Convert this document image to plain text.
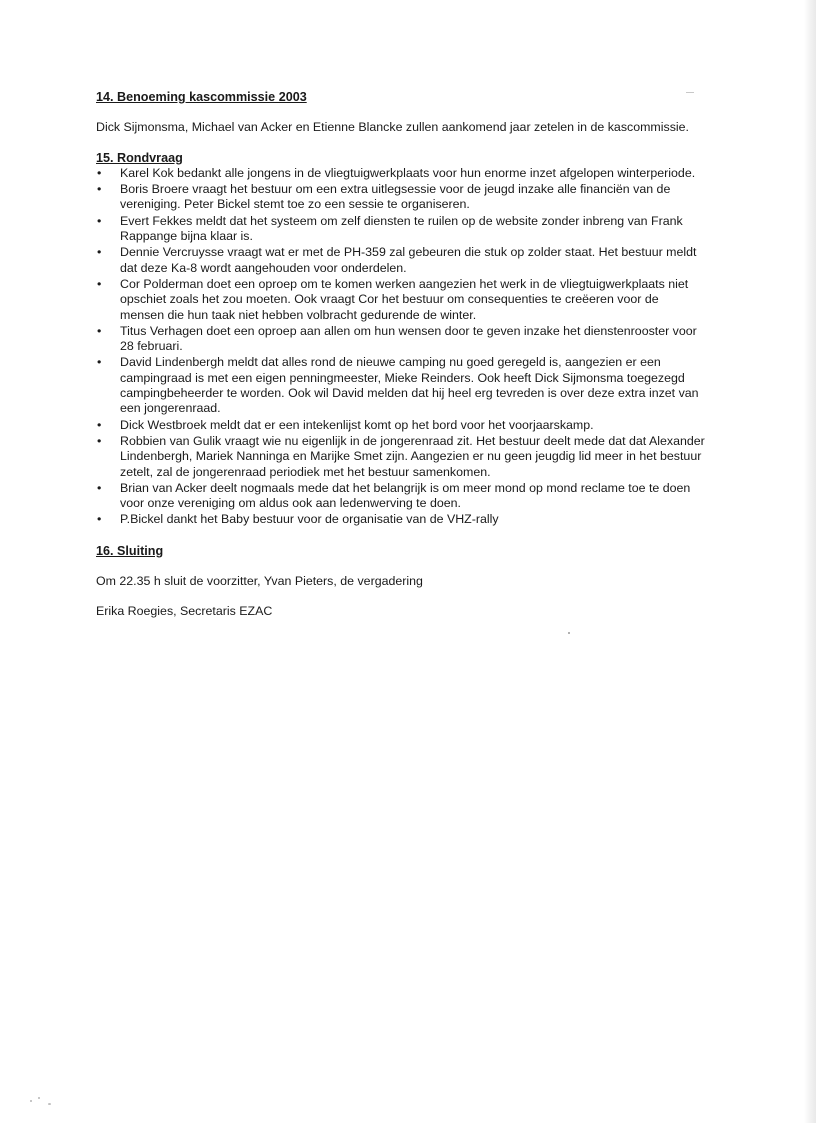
14. Benoeming kascommissie 2003

Dick Sijmonsma, Michael van Acker en Etienne Blancke zullen aankomend jaar zetelen in de kascommissie.

15. Rondvraag

•	Karel Kok bedankt alle jongens in de vliegtuigwerkplaats voor hun enorme inzet afgelopen winterperiode.
•	Boris Broere vraagt het bestuur om een extra uitlegsessie voor de jeugd inzake alle financiën van de vereniging. Peter Bickel stemt toe zo een sessie te organiseren.
•	Evert Fekkes meldt dat het systeem om zelf diensten te ruilen op de website zonder inbreng van Frank Rappange bijna klaar is.
•	Dennie Vercruysse vraagt wat er met de PH-359 zal gebeuren die stuk op zolder staat. Het bestuur meldt dat deze Ka-8 wordt aangehouden voor onderdelen.
•	Cor Polderman doet een oproep om te komen werken aangezien het werk in de vliegtuigwerkplaats niet opschiet zoals het zou moeten. Ook vraagt Cor het bestuur om consequenties te creëeren voor de mensen die hun taak niet hebben volbracht gedurende de winter.
•	Titus Verhagen doet een oproep aan allen om hun wensen door te geven inzake het dienstenrooster voor 28 februari.
•	David Lindenbergh meldt dat alles rond de nieuwe camping nu goed geregeld is, aangezien er een campingraad is met een eigen penningmeester, Mieke Reinders. Ook heeft Dick Sijmonsma toegezegd campingbeheerder te worden. Ook wil David melden dat hij heel erg tevreden is over deze extra inzet van een jongerenraad.
•	Dick Westbroek meldt dat er een intekenlijst komt op het bord voor het voorjaarskamp.
•	Robbien van Gulik vraagt wie nu eigenlijk in de jongerenraad zit. Het bestuur deelt mede dat dat Alexander Lindenbergh, Mariek Nanninga en Marijke Smet zijn. Aangezien er nu geen jeugdig lid meer in het bestuur zetelt, zal de jongerenraad periodiek met het bestuur samenkomen.
•	Brian van Acker deelt nogmaals mede dat het belangrijk is om meer mond op mond reclame toe te doen voor onze vereniging om aldus ook aan ledenwerving te doen.
•	P.Bickel dankt het Baby bestuur voor de organisatie van de VHZ-rally

16. Sluiting

Om 22.35 h sluit de voorzitter, Yvan Pieters, de vergadering

Erika Roegies, Secretaris EZAC
